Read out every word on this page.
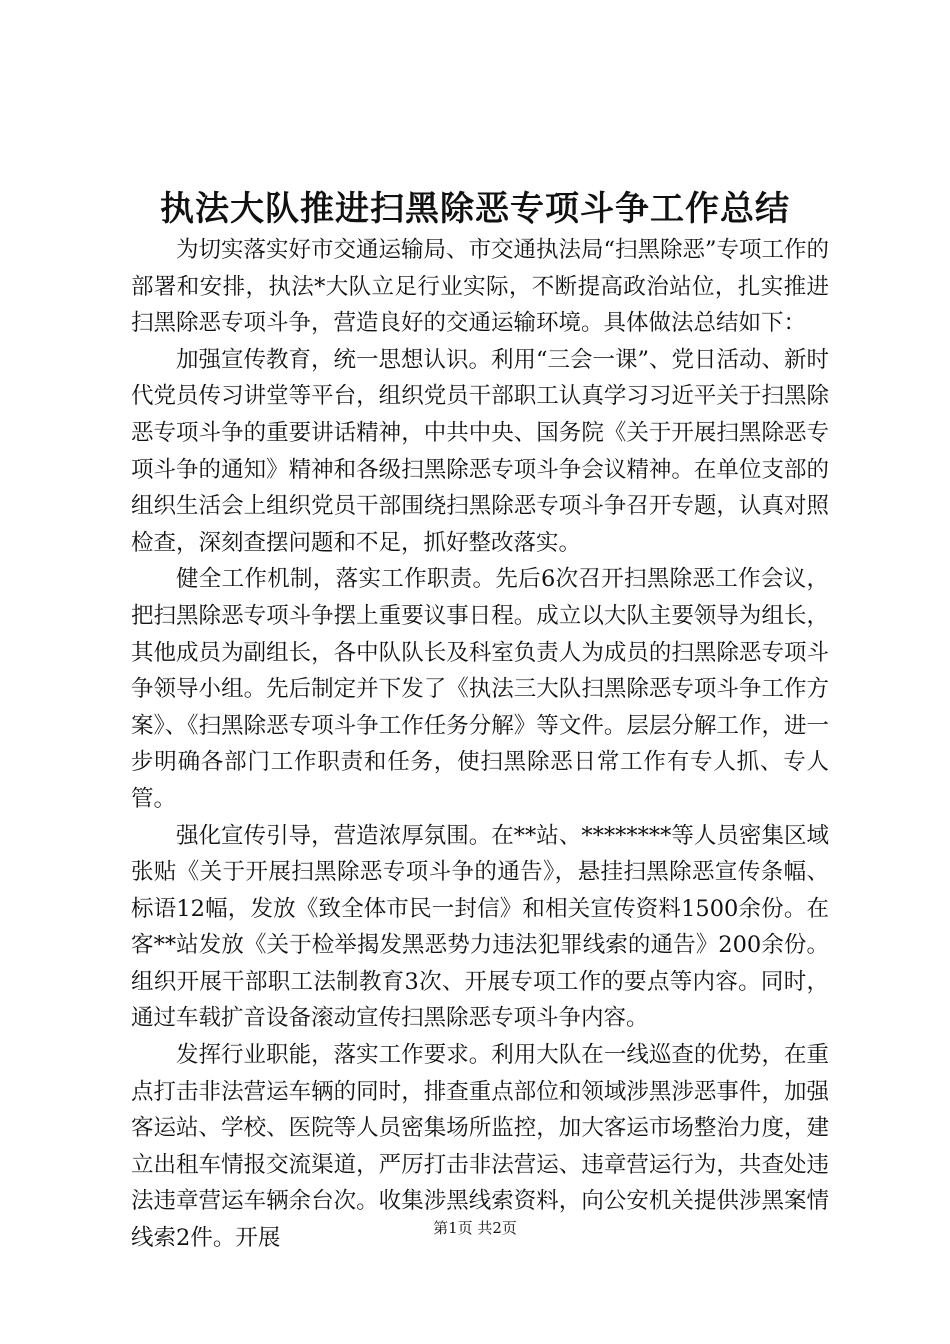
执法大队推进扫黑除恶专项斗争工作总结

为切实落实好市交通运输局、市交通执法局“扫黑除恶”专项工作的部署和安排，执法*大队立足行业实际，不断提高政治站位，扎实推进扫黑除恶专项斗争，营造良好的交通运输环境。具体做法总结如下：

加强宣传教育，统一思想认识。利用“三会一课”、党日活动、新时代党员传习讲堂等平台，组织党员干部职工认真学习习近平关于扫黑除恶专项斗争的重要讲话精神，中共中央、国务院《关于开展扫黑除恶专项斗争的通知》精神和各级扫黑除恶专项斗争会议精神。在单位支部的组织生活会上组织党员干部围绕扫黑除恶专项斗争召开专题，认真对照检查，深刻查摆问题和不足，抓好整改落实。

健全工作机制，落实工作职责。先后6次召开扫黑除恶工作会议，把扫黑除恶专项斗争摆上重要议事日程。成立以大队主要领导为组长，其他成员为副组长，各中队队长及科室负责人为成员的扫黑除恶专项斗争领导小组。先后制定并下发了《执法三大队扫黑除恶专项斗争工作方案》、《扫黑除恶专项斗争工作任务分解》等文件。层层分解工作，进一步明确各部门工作职责和任务，使扫黑除恶日常工作有专人抓、专人管。

强化宣传引导，营造浓厚氛围。在**站、********等人员密集区域张贴《关于开展扫黑除恶专项斗争的通告》，悬挂扫黑除恶宣传条幅、标语12幅，发放《致全体市民一封信》和相关宣传资料1500余份。在客**站发放《关于检举揭发黑恶势力违法犯罪线索的通告》200余份。组织开展干部职工法制教育3次、开展专项工作的要点等内容。同时，通过车载扩音设备滚动宣传扫黑除恶专项斗争内容。

发挥行业职能，落实工作要求。利用大队在一线巡查的优势，在重点打击非法营运车辆的同时，排查重点部位和领域涉黑涉恶事件，加强客运站、学校、医院等人员密集场所监控，加大客运市场整治力度，建立出租车情报交流渠道，严厉打击非法营运、违章营运行为，共查处违法违章营运车辆余台次。收集涉黑线索资料，向公安机关提供涉黑案情线索2件。开展	第1页 共2页
